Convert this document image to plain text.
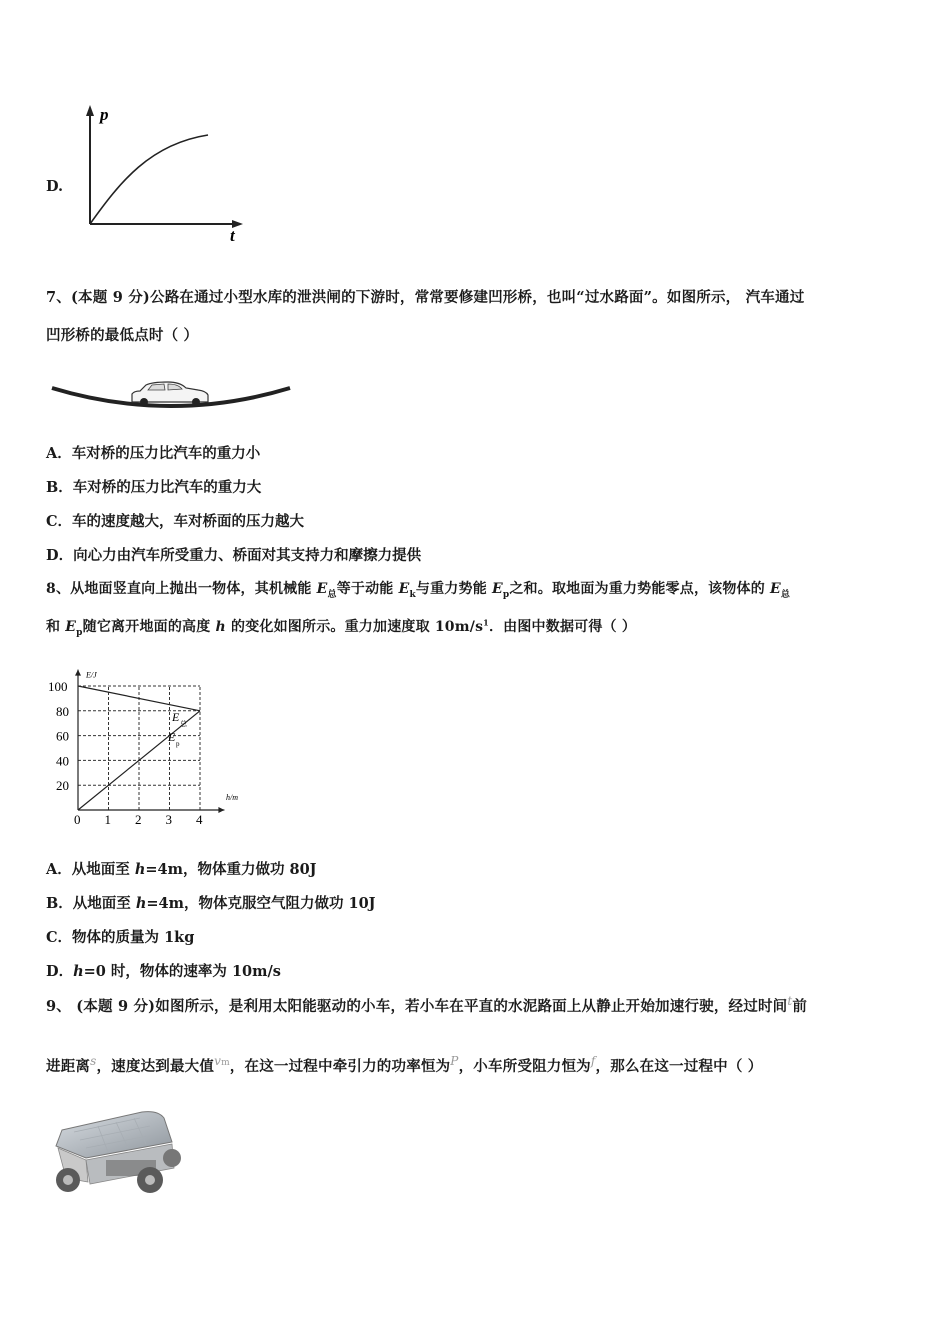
D.
p
t
7、(本题 9 分)公路在通过小型水库的泄洪闸的下游时，常常要修建凹形桥，也叫“过水路面”。如图所示， 汽车通过
凹形桥的最低点时（ ）
A．车对桥的压力比汽车的重力小
B．车对桥的压力比汽车的重力大
C．车的速度越大，车对桥面的压力越大
D．向心力由汽车所受重力、桥面对其支持力和摩擦力提供
8、从地面竖直向上抛出一物体，其机械能 $E_总$等于动能 $E_k$与重力势能 $E_p$之和。取地面为重力势能零点，该物体的 $E_总$
和 $E_p$随它离开地面的高度 h 的变化如图所示。重力加速度取 $10m/s^1$．由图中数据可得（ ）
0 1 2 3 4
20
40
60
80
100
E/J
h/m
E 总
E p
A．从地面至 h=4m，物体重力做功 80J
B．从地面至 h=4m，物体克服空气阻力做功 10J
C．物体的质量为 1kg
D．h=0 时，物体的速率为 10m/s
9、 (本题 9 分)如图所示，是利用太阳能驱动的小车，若小车在平直的水泥路面上从静止开始加速行驶，经过时间$^t$前
进距离$^s$，速度达到最大值$^{vm}$，在这一过程中牵引力的功率恒为$^P$，小车所受阻力恒为$^f$，那么在这一过程中（ ）
